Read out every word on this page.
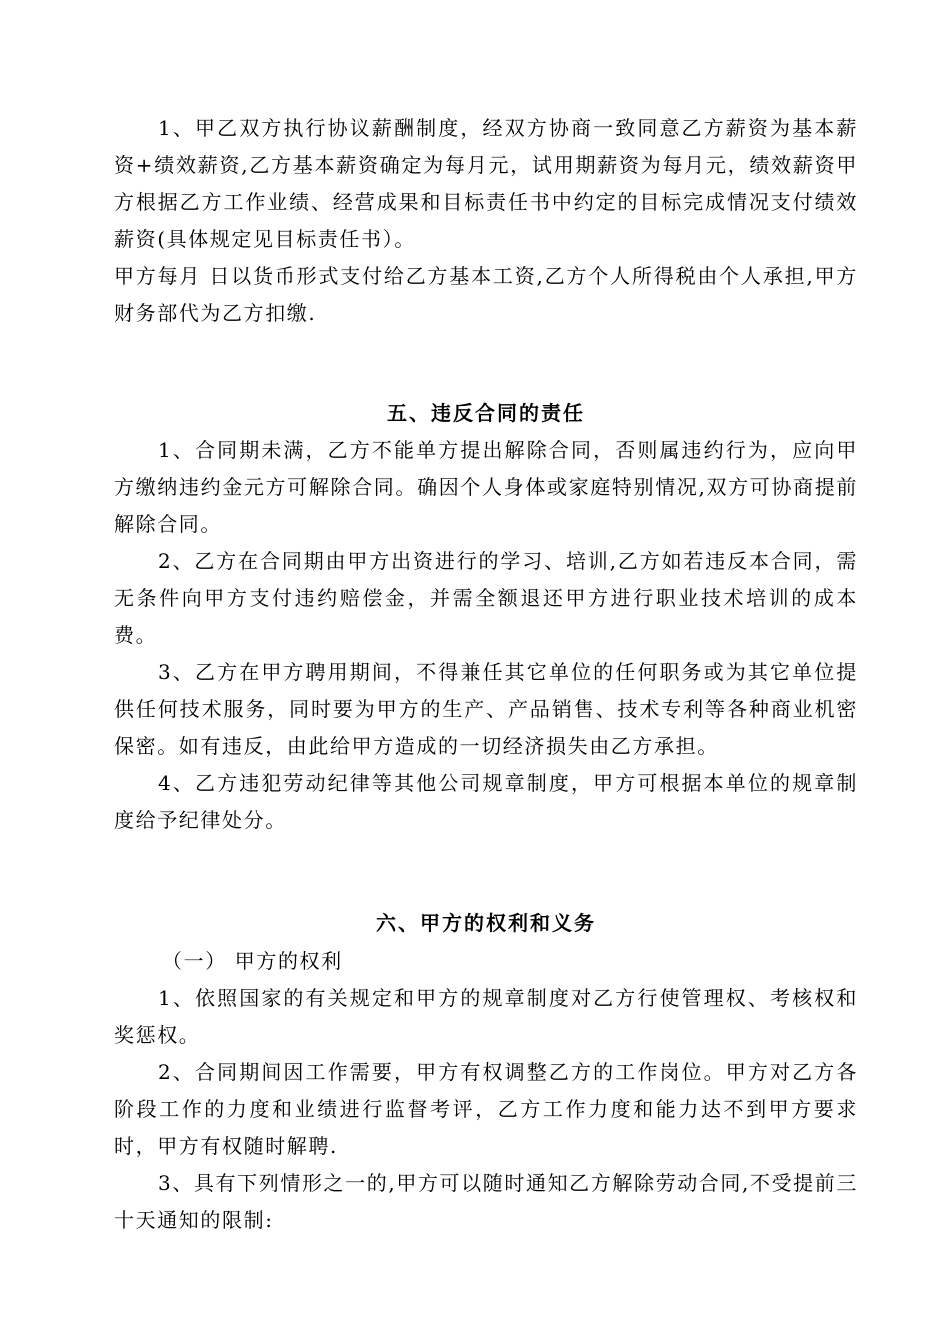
1、甲乙双方执行协议薪酬制度，经双方协商一致同意乙方薪资为基本薪资+绩效薪资,乙方基本薪资确定为每月元，试用期薪资为每月元，绩效薪资甲方根据乙方工作业绩、经营成果和目标责任书中约定的目标完成情况支付绩效薪资(具体规定见目标责任书）。

甲方每月 日以货币形式支付给乙方基本工资,乙方个人所得税由个人承担,甲方财务部代为乙方扣缴.

五、违反合同的责任

1、合同期未满，乙方不能单方提出解除合同，否则属违约行为，应向甲方缴纳违约金元方可解除合同。确因个人身体或家庭特别情况,双方可协商提前解除合同。

2、乙方在合同期由甲方出资进行的学习、培训,乙方如若违反本合同，需无条件向甲方支付违约赔偿金，并需全额退还甲方进行职业技术培训的成本费。

3、乙方在甲方聘用期间，不得兼任其它单位的任何职务或为其它单位提供任何技术服务，同时要为甲方的生产、产品销售、技术专利等各种商业机密保密。如有违反，由此给甲方造成的一切经济损失由乙方承担。

4、乙方违犯劳动纪律等其他公司规章制度，甲方可根据本单位的规章制度给予纪律处分。

六、甲方的权利和义务

（一） 甲方的权利

1、依照国家的有关规定和甲方的规章制度对乙方行使管理权、考核权和奖惩权。

2、合同期间因工作需要，甲方有权调整乙方的工作岗位。甲方对乙方各阶段工作的力度和业绩进行监督考评，乙方工作力度和能力达不到甲方要求时，甲方有权随时解聘.

3、具有下列情形之一的,甲方可以随时通知乙方解除劳动合同,不受提前三十天通知的限制:
